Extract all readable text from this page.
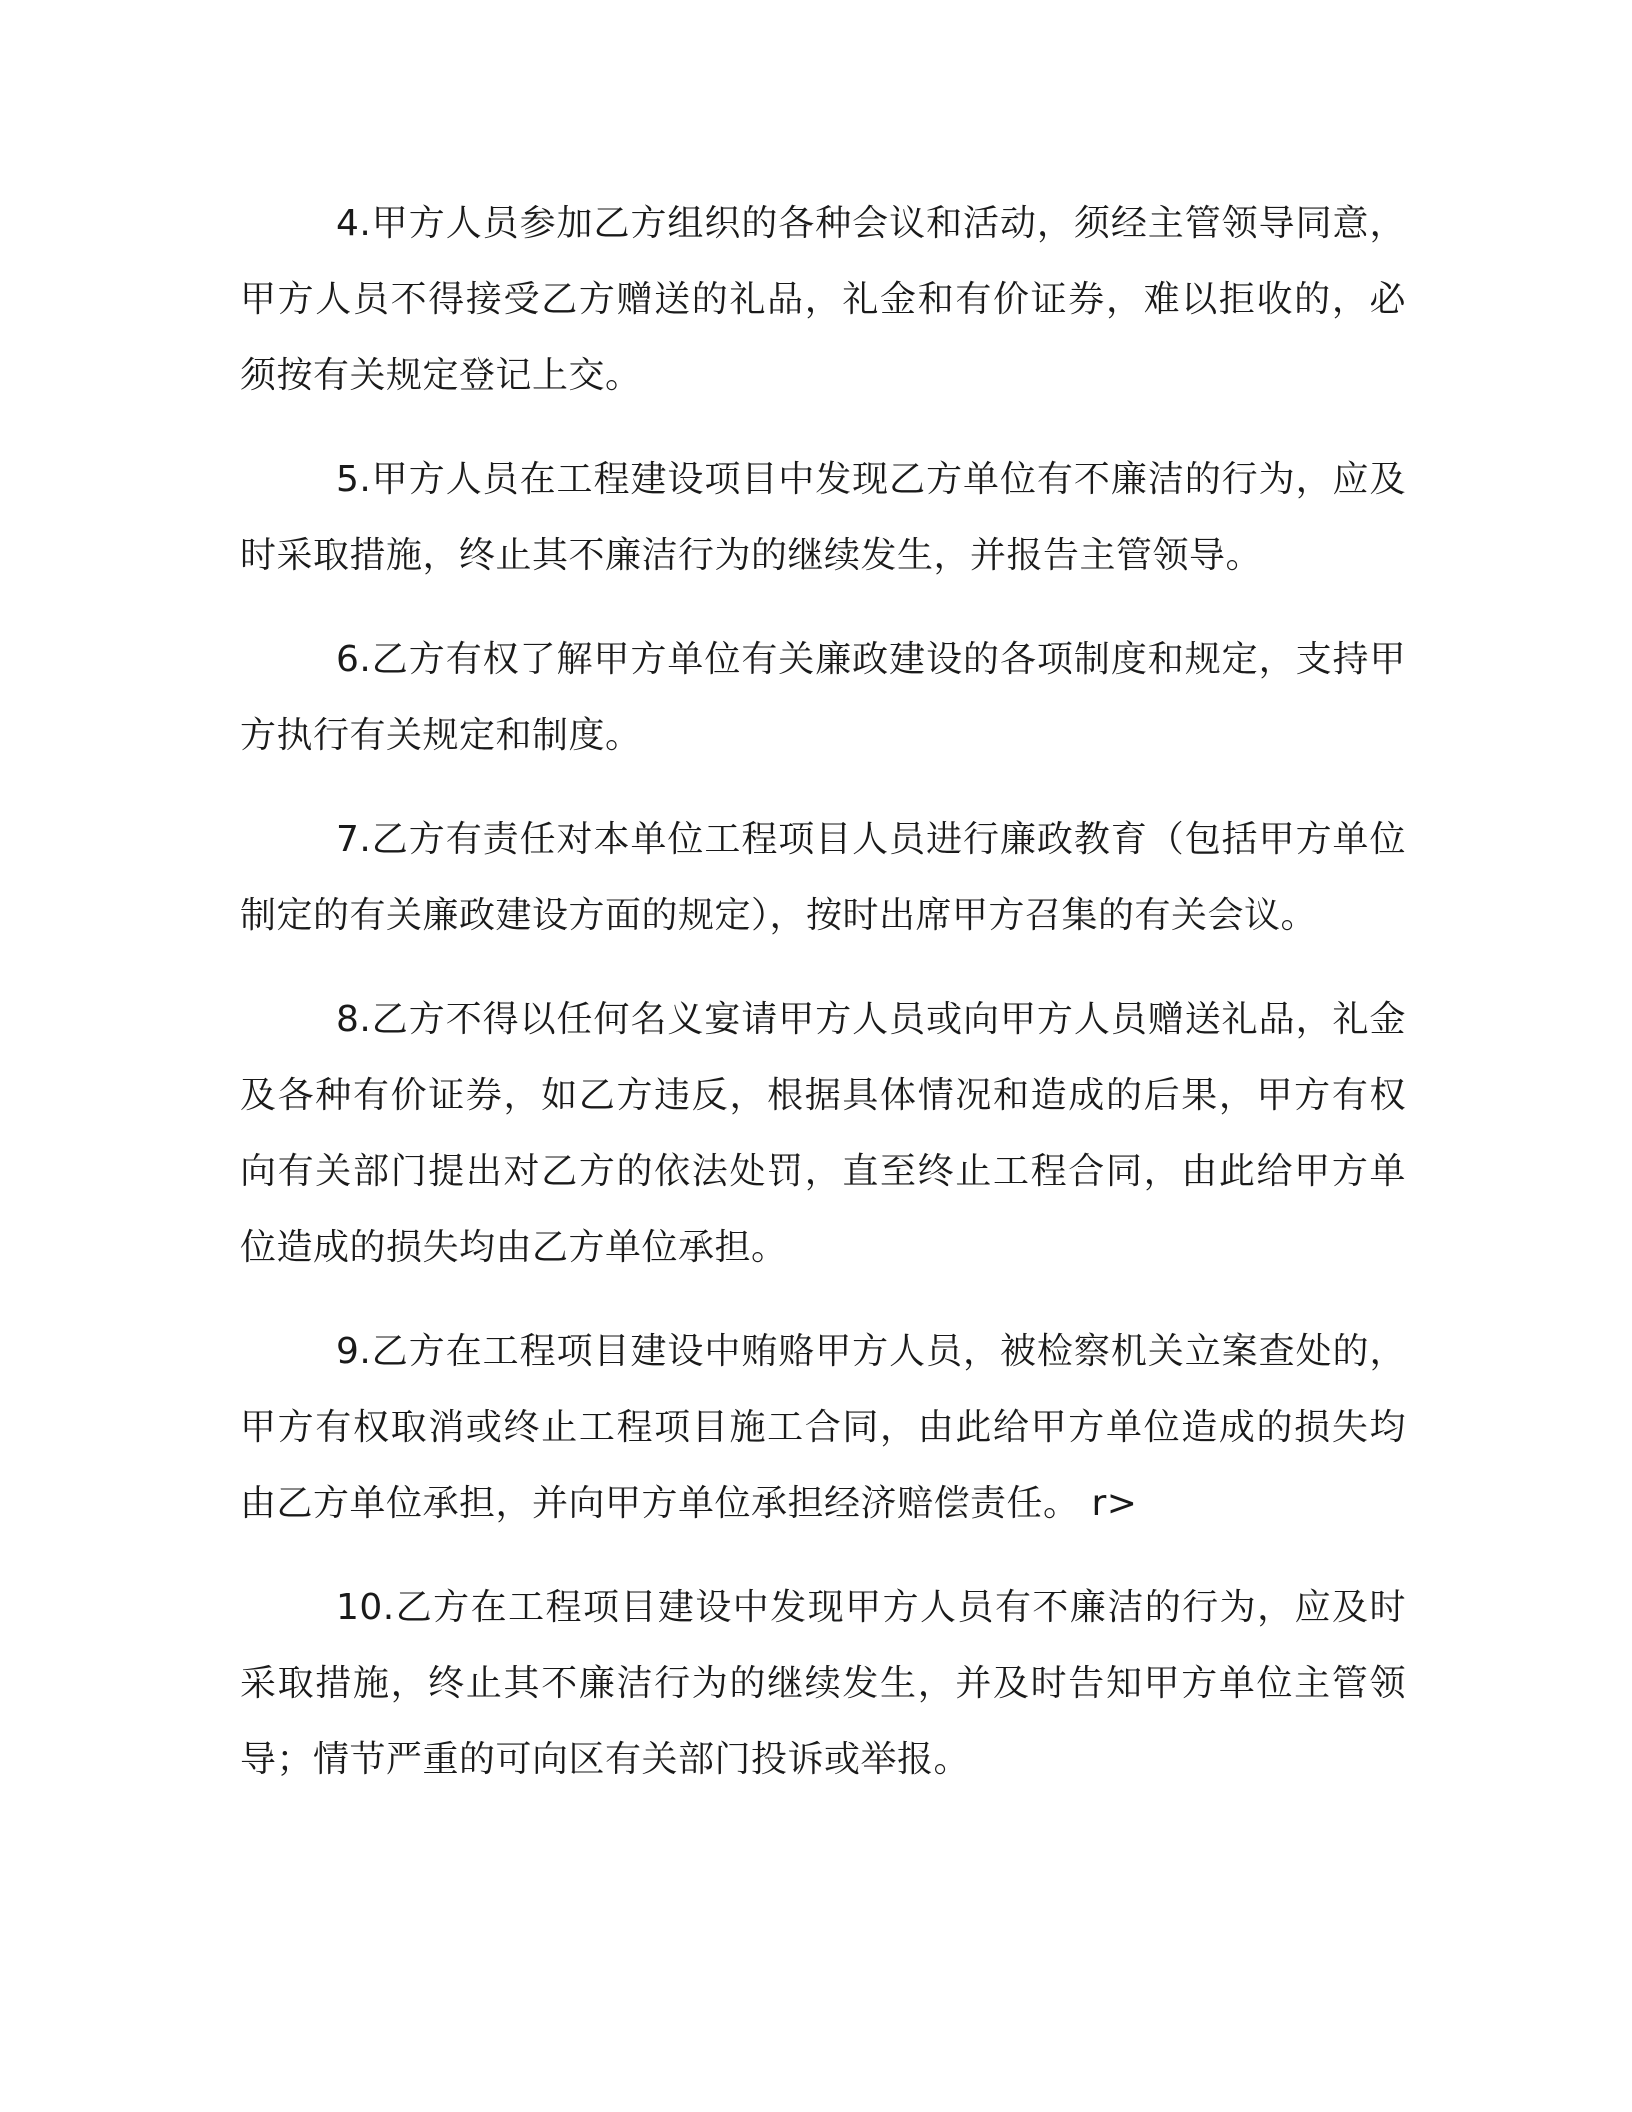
4.甲方人员参加乙方组织的各种会议和活动，须经主管领导同意，甲方人员不得接受乙方赠送的礼品，礼金和有价证券，难以拒收的，必须按有关规定登记上交。

5.甲方人员在工程建设项目中发现乙方单位有不廉洁的行为，应及时采取措施，终止其不廉洁行为的继续发生，并报告主管领导。

6.乙方有权了解甲方单位有关廉政建设的各项制度和规定，支持甲方执行有关规定和制度。

7.乙方有责任对本单位工程项目人员进行廉政教育（包括甲方单位制定的有关廉政建设方面的规定），按时出席甲方召集的有关会议。

8.乙方不得以任何名义宴请甲方人员或向甲方人员赠送礼品，礼金及各种有价证券，如乙方违反，根据具体情况和造成的后果，甲方有权向有关部门提出对乙方的依法处罚，直至终止工程合同，由此给甲方单位造成的损失均由乙方单位承担。

9.乙方在工程项目建设中贿赂甲方人员，被检察机关立案查处的，甲方有权取消或终止工程项目施工合同，由此给甲方单位造成的损失均由乙方单位承担，并向甲方单位承担经济赔偿责任。 r>

10.乙方在工程项目建设中发现甲方人员有不廉洁的行为，应及时采取措施，终止其不廉洁行为的继续发生，并及时告知甲方单位主管领导；情节严重的可向区有关部门投诉或举报。
